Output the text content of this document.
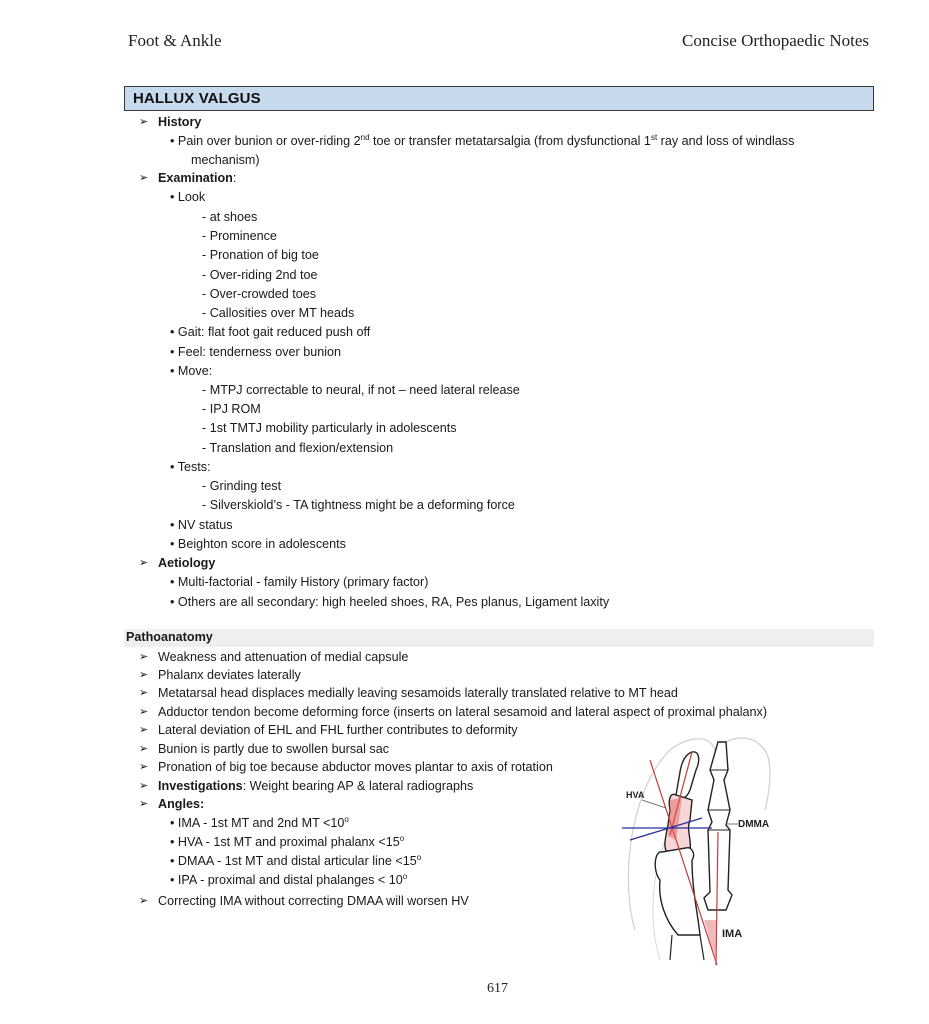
Foot & Ankle	Concise Orthopaedic Notes
HALLUX VALGUS
➢ History
• Pain over bunion or over-riding 2nd toe or transfer metatarsalgia (from dysfunctional 1st ray and loss of windlass
mechanism)
➢ Examination:
• Look
- at shoes
- Prominence
- Pronation of big toe
- Over-riding 2nd toe
- Over-crowded toes
- Callosities over MT heads
• Gait: flat foot gait reduced push off
• Feel: tenderness over bunion
• Move:
- MTPJ correctable to neural, if not – need lateral release
- IPJ ROM
- 1st TMTJ mobility particularly in adolescents
- Translation and flexion/extension
• Tests:
- Grinding test
- Silverskiold’s - TA tightness might be a deforming force
• NV status
• Beighton score in adolescents
➢ Aetiology
• Multi-factorial - family History (primary factor)
• Others are all secondary: high heeled shoes, RA, Pes planus, Ligament laxity
Pathoanatomy
➢ Weakness and attenuation of medial capsule
➢ Phalanx deviates laterally
➢ Metatarsal head displaces medially leaving sesamoids laterally translated relative to MT head
➢ Adductor tendon become deforming force (inserts on lateral sesamoid and lateral aspect of proximal phalanx)
➢ Lateral deviation of EHL and FHL further contributes to deformity
➢ Bunion is partly due to swollen bursal sac
➢ Pronation of big toe because abductor moves plantar to axis of rotation
➢ Investigations: Weight bearing AP & lateral radiographs
➢ Angles:
• IMA - 1st MT and 2nd MT $<10^o$
• HVA - 1st MT and proximal phalanx $<15^o$
• DMAA - 1st MT and distal articular line $<15^o$
• IPA - proximal and distal phalanges < $10^o$
➢ Correcting IMA without correcting DMAA will worsen HV
HVA
DMMA
IMA
617
